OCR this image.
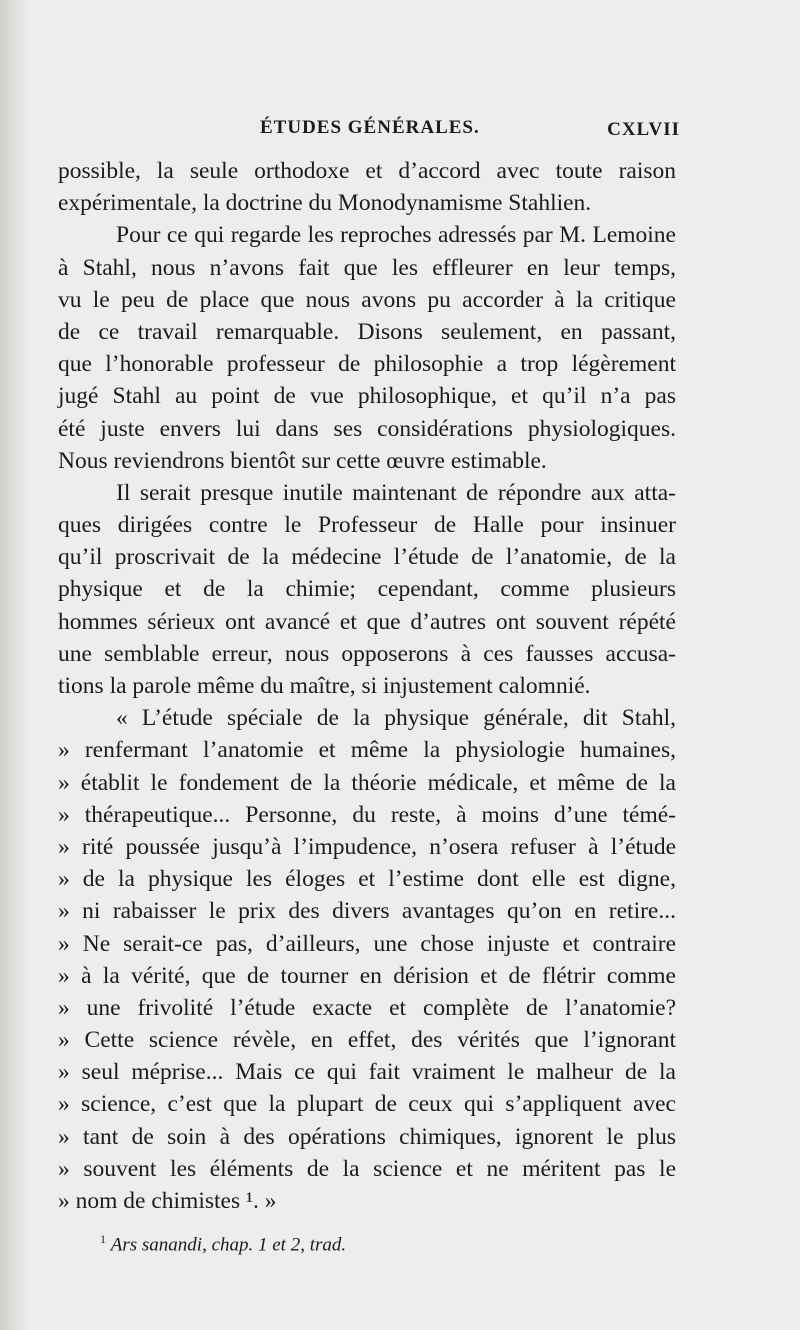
ÉTUDES GÉNÉRALES.	CXLVII
possible, la seule orthodoxe et d’accord avec toute raison
expérimentale, la doctrine du Monodynamisme Stahlien.
Pour ce qui regarde les reproches adressés par M. Lemoine
à Stahl, nous n’avons fait que les effleurer en leur temps,
vu le peu de place que nous avons pu accorder à la critique
de ce travail remarquable. Disons seulement, en passant,
que l’honorable professeur de philosophie a trop légèrement
jugé Stahl au point de vue philosophique, et qu’il n’a pas
été juste envers lui dans ses considérations physiologiques.
Nous reviendrons bientôt sur cette œuvre estimable.
Il serait presque inutile maintenant de répondre aux atta-
ques dirigées contre le Professeur de Halle pour insinuer
qu’il proscrivait de la médecine l’étude de l’anatomie, de la
physique et de la chimie; cependant, comme plusieurs
hommes sérieux ont avancé et que d’autres ont souvent répété
une semblable erreur, nous opposerons à ces fausses accusa-
tions la parole même du maître, si injustement calomnié.
« L’étude spéciale de la physique générale, dit Stahl,
» renfermant l’anatomie et même la physiologie humaines,
» établit le fondement de la théorie médicale, et même de la
» thérapeutique... Personne, du reste, à moins d’une témé-
» rité poussée jusqu’à l’impudence, n’osera refuser à l’étude
» de la physique les éloges et l’estime dont elle est digne,
» ni rabaisser le prix des divers avantages qu’on en retire...
» Ne serait-ce pas, d’ailleurs, une chose injuste et contraire
» à la vérité, que de tourner en dérision et de flétrir comme
» une frivolité l’étude exacte et complète de l’anatomie?
» Cette science révèle, en effet, des vérités que l’ignorant
» seul méprise... Mais ce qui fait vraiment le malheur de la
» science, c’est que la plupart de ceux qui s’appliquent avec
» tant de soin à des opérations chimiques, ignorent le plus
» souvent les éléments de la science et ne méritent pas le
» nom de chimistes ¹. »
$^1$ Ars sanandi, chap. 1 et 2, trad.
